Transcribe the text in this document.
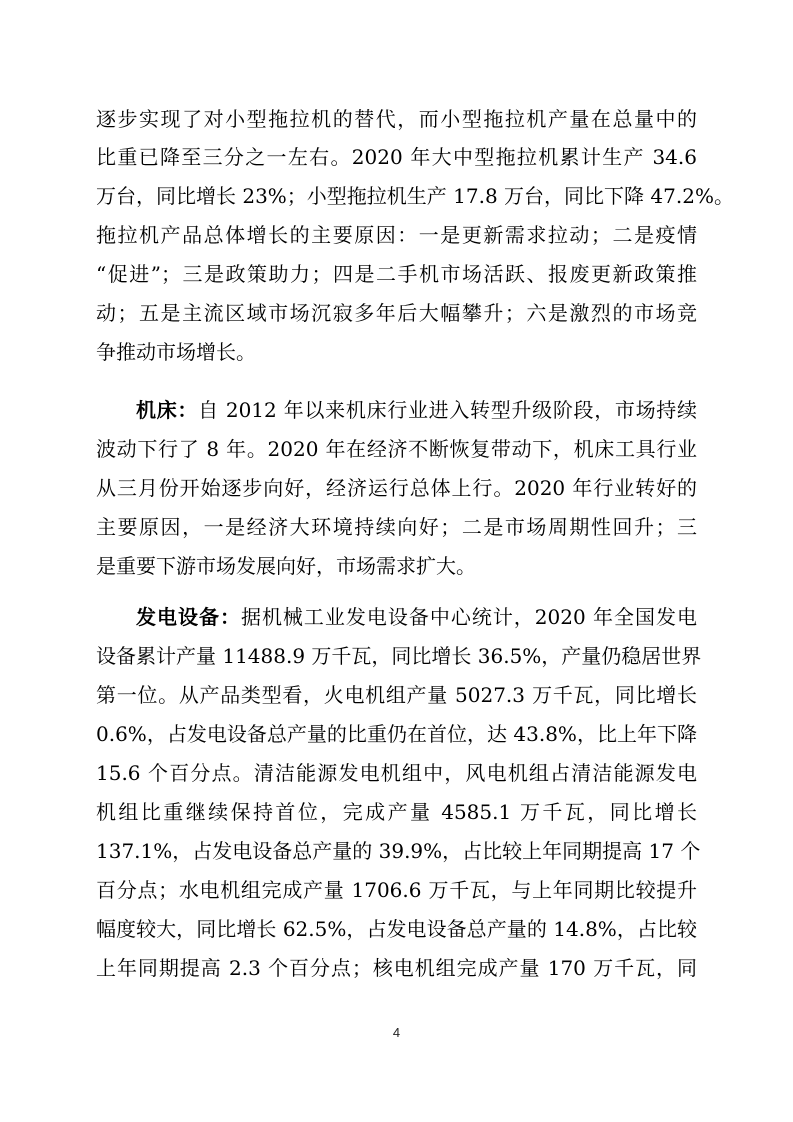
逐步实现了对小型拖拉机的替代，而小型拖拉机产量在总量中的
比重已降至三分之一左右。2020 年大中型拖拉机累计生产 34.6
万台，同比增长 23%；小型拖拉机生产 17.8 万台，同比下降 47.2%。
拖拉机产品总体增长的主要原因：一是更新需求拉动；二是疫情
“促进”；三是政策助力；四是二手机市场活跃、报废更新政策推
动；五是主流区域市场沉寂多年后大幅攀升；六是激烈的市场竞
争推动市场增长。
机床：自 2012 年以来机床行业进入转型升级阶段，市场持续
波动下行了 8 年。2020 年在经济不断恢复带动下，机床工具行业
从三月份开始逐步向好，经济运行总体上行。2020 年行业转好的
主要原因，一是经济大环境持续向好；二是市场周期性回升；三
是重要下游市场发展向好，市场需求扩大。
发电设备：据机械工业发电设备中心统计，2020 年全国发电
设备累计产量 11488.9 万千瓦，同比增长 36.5%，产量仍稳居世界
第一位。从产品类型看，火电机组产量 5027.3 万千瓦，同比增长
0.6%，占发电设备总产量的比重仍在首位，达 43.8%，比上年下降
15.6 个百分点。清洁能源发电机组中，风电机组占清洁能源发电
机组比重继续保持首位，完成产量 4585.1 万千瓦，同比增长
137.1%，占发电设备总产量的 39.9%，占比较上年同期提高 17 个
百分点；水电机组完成产量 1706.6 万千瓦，与上年同期比较提升
幅度较大，同比增长 62.5%，占发电设备总产量的 14.8%，占比较
上年同期提高 2.3 个百分点；核电机组完成产量 170 万千瓦，同
4
